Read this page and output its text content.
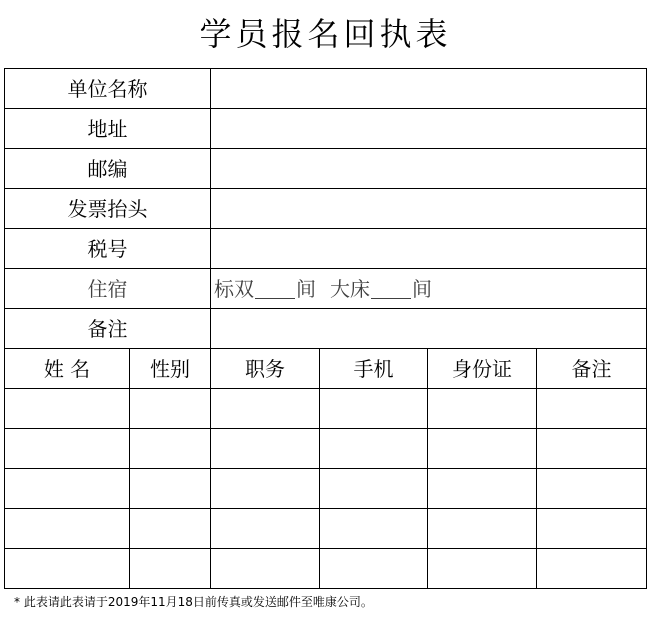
学员报名回执表
单位名称					
地址					
邮编					
发票抬头					
税号					
住宿		标双 间 大床 间			

备注					
姓 名	性别	职务	手机	身份证	备注

* 此表请此表请于2019年11月18日前传真或发送邮件至唯康公司。
